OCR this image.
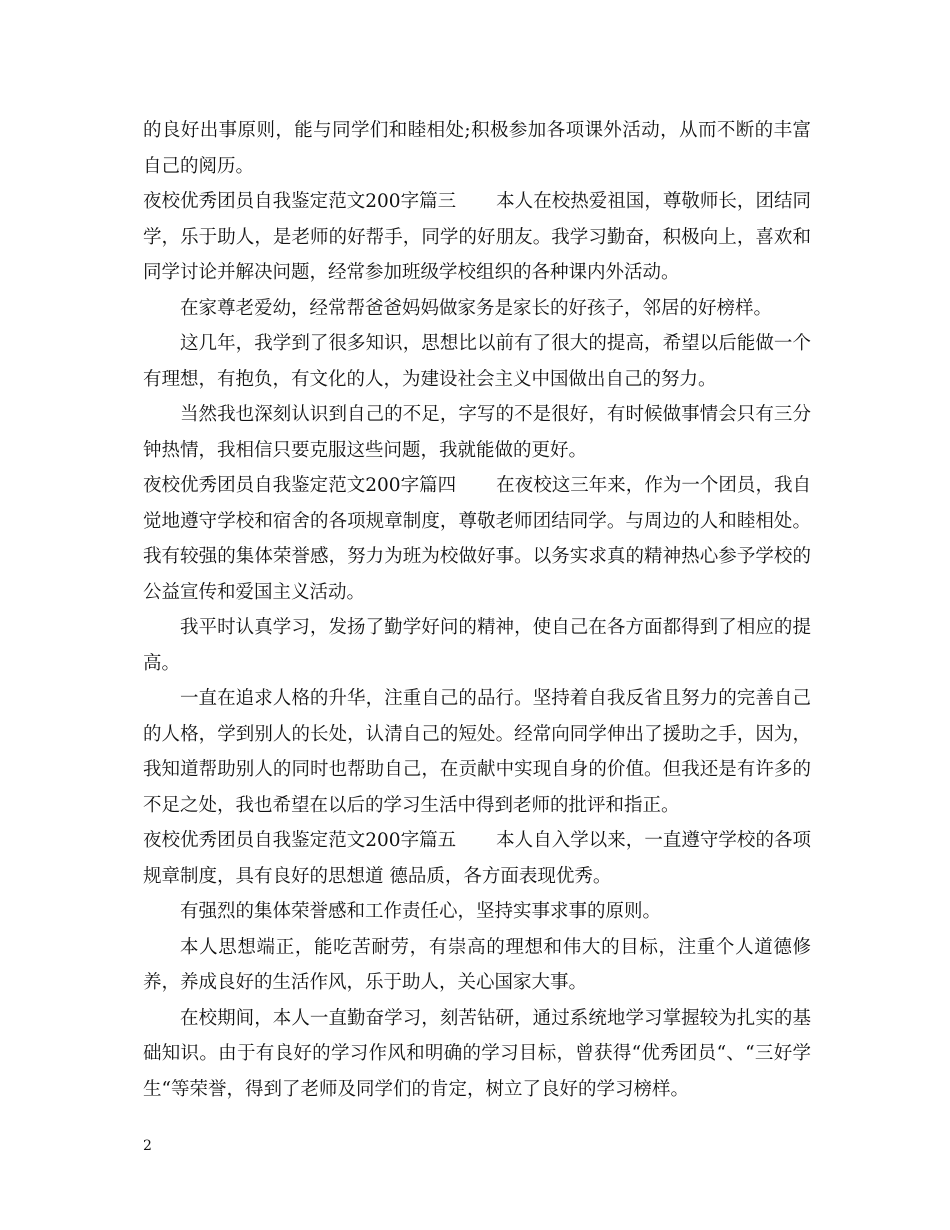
的良好出事原则，能与同学们和睦相处;积极参加各项课外活动，从而不断的丰富自己的阅历。

夜校优秀团员自我鉴定范文200字篇三 本人在校热爱祖国，尊敬师长，团结同学，乐于助人，是老师的好帮手，同学的好朋友。我学习勤奋，积极向上，喜欢和同学讨论并解决问题，经常参加班级学校组织的各种课内外活动。

在家尊老爱幼，经常帮爸爸妈妈做家务是家长的好孩子，邻居的好榜样。

这几年，我学到了很多知识，思想比以前有了很大的提高，希望以后能做一个有理想，有抱负，有文化的人，为建设社会主义中国做出自己的努力。

当然我也深刻认识到自己的不足，字写的不是很好，有时候做事情会只有三分钟热情，我相信只要克服这些问题，我就能做的更好。

夜校优秀团员自我鉴定范文200字篇四 在夜校这三年来，作为一个团员，我自觉地遵守学校和宿舍的各项规章制度，尊敬老师团结同学。与周边的人和睦相处。我有较强的集体荣誉感，努力为班为校做好事。以务实求真的精神热心参予学校的公益宣传和爱国主义活动。

我平时认真学习，发扬了勤学好问的精神，使自己在各方面都得到了相应的提高。

一直在追求人格的升华，注重自己的品行。坚持着自我反省且努力的完善自己的人格，学到别人的长处，认清自己的短处。经常向同学伸出了援助之手，因为，我知道帮助别人的同时也帮助自己，在贡献中实现自身的价值。但我还是有许多的不足之处，我也希望在以后的学习生活中得到老师的批评和指正。

夜校优秀团员自我鉴定范文200字篇五 本人自入学以来，一直遵守学校的各项规章制度，具有良好的思想道 德品质，各方面表现优秀。

有强烈的集体荣誉感和工作责任心，坚持实事求事的原则。

本人思想端正，能吃苦耐劳，有崇高的理想和伟大的目标，注重个人道德修养，养成良好的生活作风，乐于助人，关心国家大事。

在校期间，本人一直勤奋学习，刻苦钻研，通过系统地学习掌握较为扎实的基础知识。由于有良好的学习作风和明确的学习目标，曾获得“优秀团员“、“三好学生“等荣誉，得到了老师及同学们的肯定，树立了良好的学习榜样。

2
